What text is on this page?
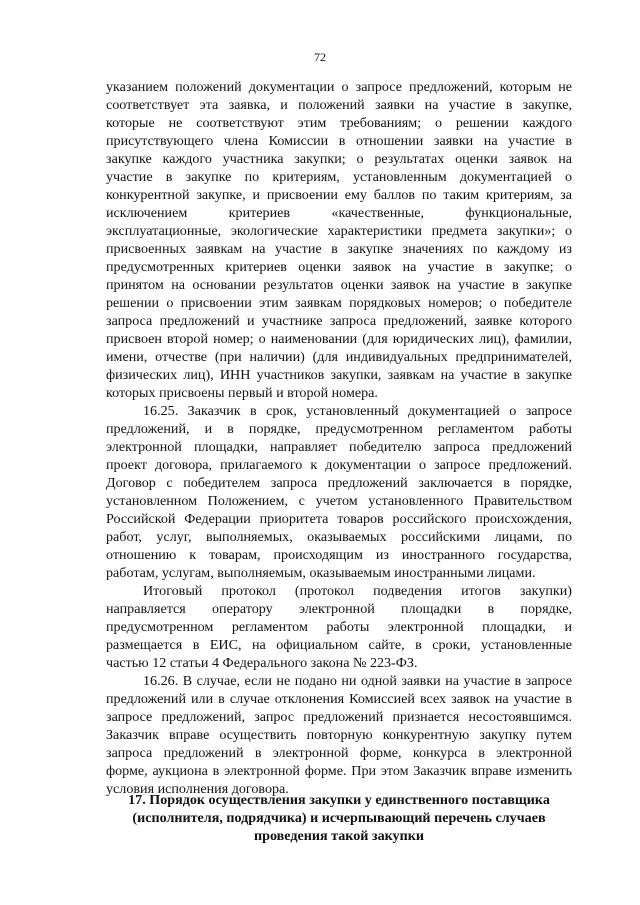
72
указанием положений документации о запросе предложений, которым не
соответствует эта заявка, и положений заявки на участие в закупке,
которые не соответствуют этим требованиям; о решении каждого
присутствующего члена Комиссии в отношении заявки на участие в
закупке каждого участника закупки; о результатах оценки заявок на
участие в закупке по критериям, установленным документацией о
конкурентной закупке, и присвоении ему баллов по таким критериям, за
исключением критериев «качественные, функциональные,
эксплуатационные, экологические характеристики предмета закупки»; о
присвоенных заявкам на участие в закупке значениях по каждому из
предусмотренных критериев оценки заявок на участие в закупке; о
принятом на основании результатов оценки заявок на участие в закупке
решении о присвоении этим заявкам порядковых номеров; о победителе
запроса предложений и участнике запроса предложений, заявке которого
присвоен второй номер; о наименовании (для юридических лиц), фамилии,
имени, отчестве (при наличии) (для индивидуальных предпринимателей,
физических лиц), ИНН участников закупки, заявкам на участие в закупке
которых присвоены первый и второй номера.
16.25. Заказчик в срок, установленный документацией о запросе
предложений, и в порядке, предусмотренном регламентом работы
электронной площадки, направляет победителю запроса предложений
проект договора, прилагаемого к документации о запросе предложений.
Договор с победителем запроса предложений заключается в порядке,
установленном Положением, с учетом установленного Правительством
Российской Федерации приоритета товаров российского происхождения,
работ, услуг, выполняемых, оказываемых российскими лицами, по
отношению к товарам, происходящим из иностранного государства,
работам, услугам, выполняемым, оказываемым иностранными лицами.
Итоговый протокол (протокол подведения итогов закупки)
направляется оператору электронной площадки в порядке,
предусмотренном регламентом работы электронной площадки, и
размещается в ЕИС, на официальном сайте, в сроки, установленные
частью 12 статьи 4 Федерального закона № 223-ФЗ.
16.26. В случае, если не подано ни одной заявки на участие в запросе
предложений или в случае отклонения Комиссией всех заявок на участие в
запросе предложений, запрос предложений признается несостоявшимся.
Заказчик вправе осуществить повторную конкурентную закупку путем
запроса предложений в электронной форме, конкурса в электронной
форме, аукциона в электронной форме. При этом Заказчик вправе изменить
условия исполнения договора.
17. Порядок осуществления закупки у единственного поставщика
(исполнителя, подрядчика) и исчерпывающий перечень случаев
проведения такой закупки
